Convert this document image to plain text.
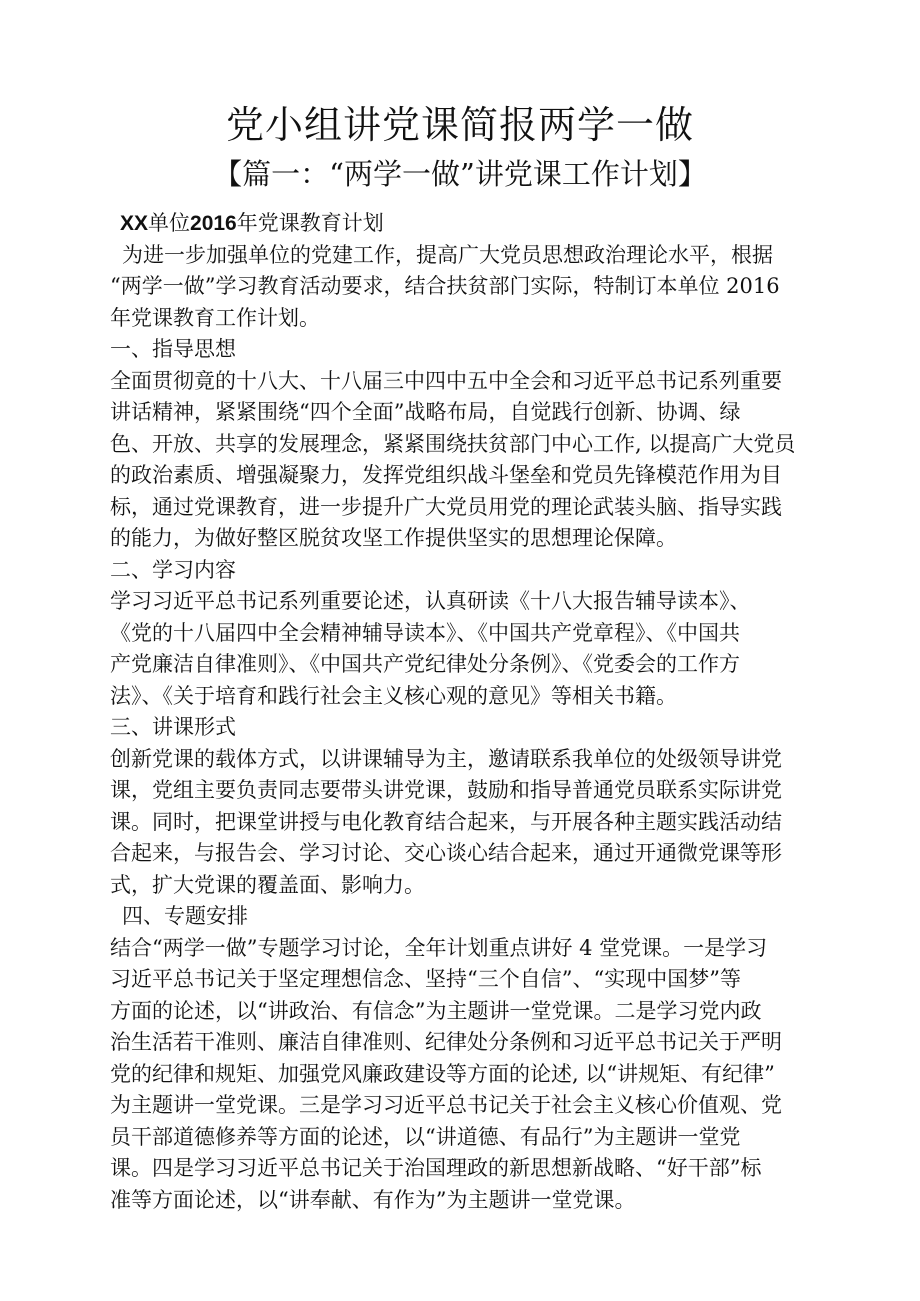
党小组讲党课简报两学一做
【篇一：“两学一做”讲党课工作计划】

XX单位2016年党课教育计划

为进一步加强单位的党建工作，提高广大党员思想政治理论水平，根据

“两学一做”学习教育活动要求，结合扶贫部门实际，特制订本单位 2016

年党课教育工作计划。

一、指导思想

全面贯彻竟的十八大、十八届三中四中五中全会和习近平总书记系列重要

讲话精神，紧紧围绕“四个全面”战略布局，自觉践行创新、协调、绿

色、开放、共享的发展理念，紧紧围绕扶贫部门中心工作, 以提高广大党员

的政治素质、增强凝聚力，发挥党组织战斗堡垒和党员先锋模范作用为目

标，通过党课教育，进一步提升广大党员用党的理论武装头脑、指导实践

的能力，为做好整区脱贫攻坚工作提供坚实的思想理论保障。

二、学习内容

学习习近平总书记系列重要论述，认真研读《十八大报告辅导读本》、

《党的十八届四中全会精神辅导读本》、《中国共产党章程》、《中国共

产党廉洁自律准则》、《中国共产党纪律处分条例》、《党委会的工作方

法》、《关于培育和践行社会主义核心观的意见》等相关书籍。

三、讲课形式

创新党课的载体方式，以讲课辅导为主，邀请联系我单位的处级领导讲党

课，党组主要负责同志要带头讲党课，鼓励和指导普通党员联系实际讲党

课。同时，把课堂讲授与电化教育结合起来，与开展各种主题实践活动结

合起来，与报告会、学习讨论、交心谈心结合起来，通过开通微党课等形

式，扩大党课的覆盖面、影响力。

四、专题安排

结合“两学一做”专题学习讨论，全年计划重点讲好 4 堂党课。一是学习

习近平总书记关于坚定理想信念、坚持“三个自信”、“实现中国梦”等

方面的论述，以“讲政治、有信念”为主题讲一堂党课。二是学习党内政

治生活若干准则、廉洁自律准则、纪律处分条例和习近平总书记关于严明

党的纪律和规矩、加强党风廉政建设等方面的论述, 以“讲规矩、有纪律”

为主题讲一堂党课。三是学习习近平总书记关于社会主义核心价值观、党

员干部道德修养等方面的论述，以“讲道德、有品行”为主题讲一堂党

课。四是学习习近平总书记关于治国理政的新思想新战略、“好干部”标

准等方面论述，以“讲奉献、有作为”为主题讲一堂党课。
